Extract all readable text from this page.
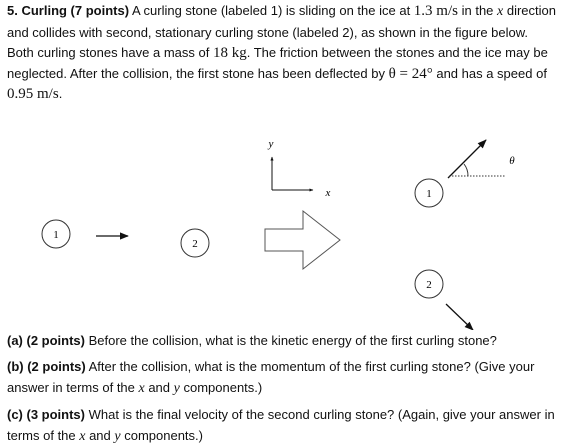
5. Curling (7 points) A curling stone (labeled 1) is sliding on the ice at 1.3 m/s in the x direction and collides with second, stationary curling stone (labeled 2), as shown in the figure below. Both curling stones have a mass of 18 kg. The friction between the stones and the ice may be neglected. After the collision, the first stone has been deflected by θ = 24° and has a speed of 0.95 m/s.

1
2
y
x	1
θ
2

(a) (2 points) Before the collision, what is the kinetic energy of the first curling stone?

(b) (2 points) After the collision, what is the momentum of the first curling stone? (Give your answer in terms of the x and y components.)

(c) (3 points) What is the final velocity of the second curling stone? (Again, give your answer in terms of the x and y components.)
